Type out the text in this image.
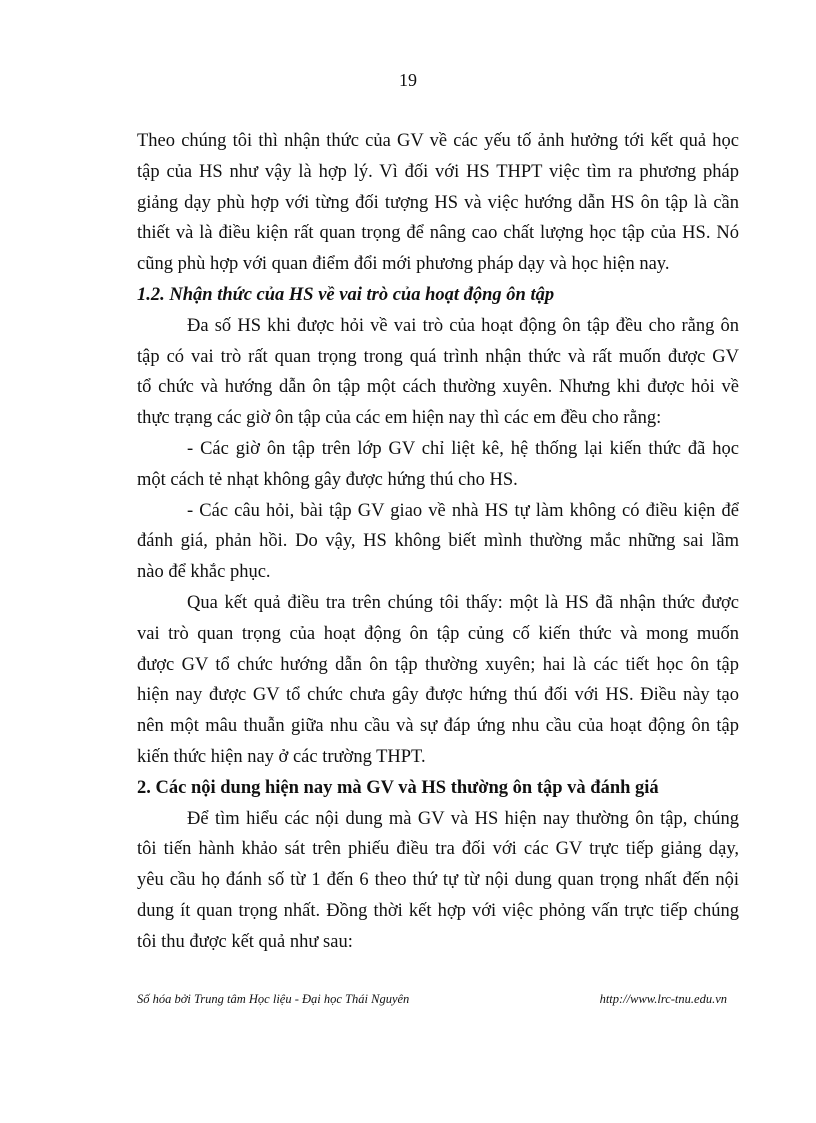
19
Theo chúng tôi thì nhận thức của GV về các yếu tố ảnh hưởng tới kết quả học
tập của HS như vậy là hợp lý. Vì đối với HS THPT việc tìm ra phương pháp
giảng dạy phù hợp với từng đối tượng HS và việc hướng dẫn HS ôn tập là cần
thiết và là điều kiện rất quan trọng để nâng cao chất lượng học tập của HS. Nó
cũng phù hợp với quan điểm đổi mới phương pháp dạy và học hiện nay.
1.2. Nhận thức của HS về vai trò của hoạt động ôn tập
Đa số HS khi được hỏi về vai trò của hoạt động ôn tập đều cho rằng ôn
tập có vai trò rất quan trọng trong quá trình nhận thức và rất muốn được GV
tổ chức và hướng dẫn ôn tập một cách thường xuyên. Nhưng khi được hỏi về
thực trạng các giờ ôn tập của các em hiện nay thì các em đều cho rằng:
- Các giờ ôn tập trên lớp GV chỉ liệt kê, hệ thống lại kiến thức đã học
một cách tẻ nhạt không gây được hứng thú cho HS.
- Các câu hỏi, bài tập GV giao về nhà HS tự làm không có điều kiện để
đánh giá, phản hồi. Do vậy, HS không biết mình thường mắc những sai lầm
nào để khắc phục.
Qua kết quả điều tra trên chúng tôi thấy: một là HS đã nhận thức được
vai trò quan trọng của hoạt động ôn tập củng cố kiến thức và mong muốn
được GV tổ chức hướng dẫn ôn tập thường xuyên; hai là các tiết học ôn tập
hiện nay được GV tổ chức chưa gây được hứng thú đối với HS. Điều này tạo
nên một mâu thuẫn giữa nhu cầu và sự đáp ứng nhu cầu của hoạt động ôn tập
kiến thức hiện nay ở các trường THPT.
2. Các nội dung hiện nay mà GV và HS thường ôn tập và đánh giá
Để tìm hiểu các nội dung mà GV và HS hiện nay thường ôn tập, chúng
tôi tiến hành khảo sát trên phiếu điều tra đối với các GV trực tiếp giảng dạy,
yêu cầu họ đánh số từ 1 đến 6 theo thứ tự từ nội dung quan trọng nhất đến nội
dung ít quan trọng nhất. Đồng thời kết hợp với việc phỏng vấn trực tiếp chúng
tôi thu được kết quả như sau:
Số hóa bởi Trung tâm Học liệu - Đại học Thái Nguyên	http://www.lrc-tnu.edu.vn
